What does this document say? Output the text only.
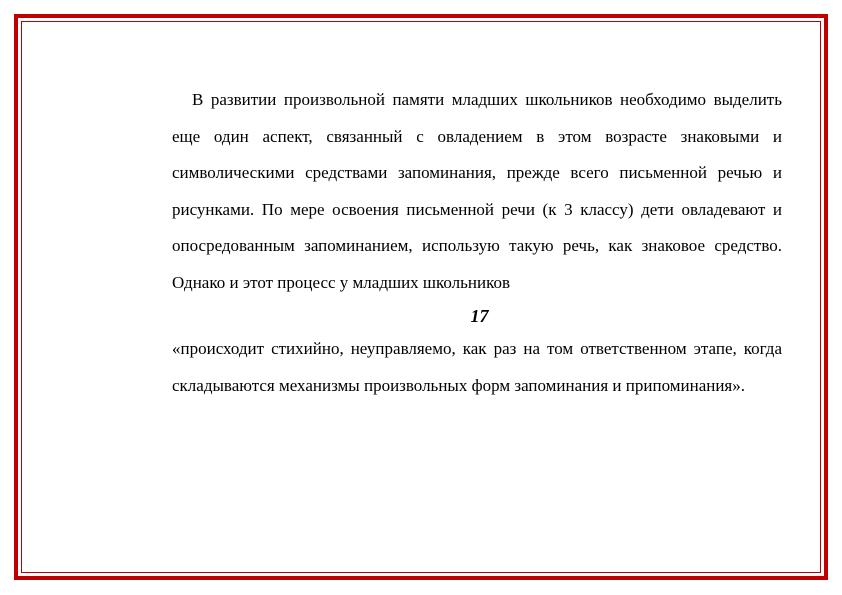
В развитии произвольной памяти младших школьников необходимо выделить еще один аспект, связанный с овладением в этом возрасте знаковыми и символическими средствами запоминания, прежде всего письменной речью и рисунками. По мере освоения письменной речи (к 3 классу) дети овладевают и опосредованным запоминанием, использую такую речь, как знаковое средство. Однако и этот процесс у младших школьников

17

«происходит стихийно, неуправляемо, как раз на том ответственном этапе, когда складываются механизмы произвольных форм запоминания и припоминания».
